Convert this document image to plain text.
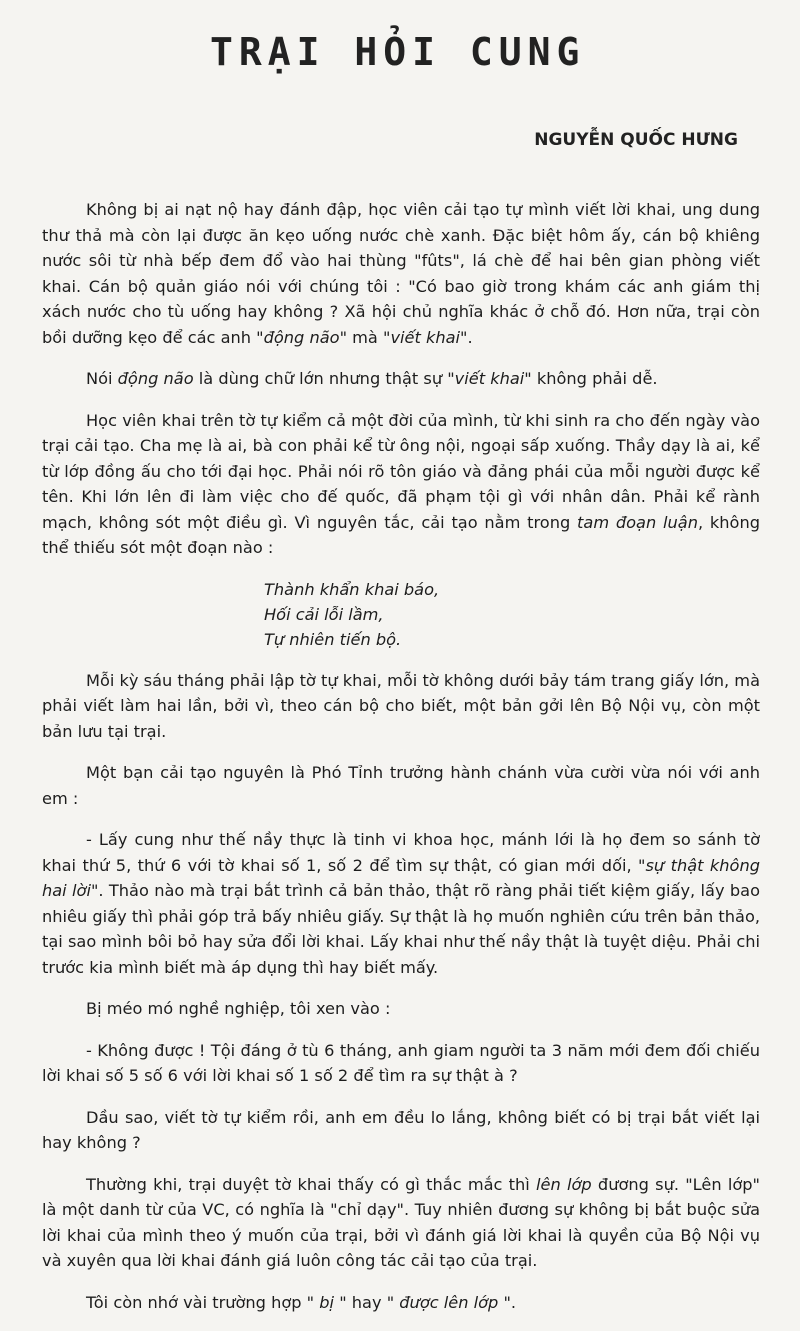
TRẠI HỎI CUNG
NGUYỄN QUỐC HƯNG

Không bị ai nạt nộ hay đánh đập, học viên cải tạo tự mình viết lời khai, ung dung thư thả mà còn lại được ăn kẹo uống nước chè xanh. Đặc biệt hôm ấy, cán bộ khiêng nước sôi từ nhà bếp đem đổ vào hai thùng "fûts", lá chè để hai bên gian phòng viết khai. Cán bộ quản giáo nói với chúng tôi : "Có bao giờ trong khám các anh giám thị xách nước cho tù uống hay không ? Xã hội chủ nghĩa khác ở chỗ đó. Hơn nữa, trại còn bồi dưỡng kẹo để các anh "động não" mà "viết khai".

Nói động não là dùng chữ lớn nhưng thật sự "viết khai" không phải dễ.

Học viên khai trên tờ tự kiểm cả một đời của mình, từ khi sinh ra cho đến ngày vào trại cải tạo. Cha mẹ là ai, bà con phải kể từ ông nội, ngoại sấp xuống. Thầy dạy là ai, kể từ lớp đồng ấu cho tới đại học. Phải nói rõ tôn giáo và đảng phái của mỗi người được kể tên. Khi lớn lên đi làm việc cho đế quốc, đã phạm tội gì với nhân dân. Phải kể rành mạch, không sót một điều gì. Vì nguyên tắc, cải tạo nằm trong tam đoạn luận, không thể thiếu sót một đoạn nào :

Thành khẩn khai báo,
Hối cải lỗi lầm,
Tự nhiên tiến bộ.

Mỗi kỳ sáu tháng phải lập tờ tự khai, mỗi tờ không dưới bảy tám trang giấy lớn, mà phải viết làm hai lần, bởi vì, theo cán bộ cho biết, một bản gởi lên Bộ Nội vụ, còn một bản lưu tại trại.

Một bạn cải tạo nguyên là Phó Tỉnh trưởng hành chánh vừa cười vừa nói với anh em :

- Lấy cung như thế nầy thực là tinh vi khoa học, mánh lới là họ đem so sánh tờ khai thứ 5, thứ 6 với tờ khai số 1, số 2 để tìm sự thật, có gian mới dối, "sự thật không hai lời". Thảo nào mà trại bắt trình cả bản thảo, thật rõ ràng phải tiết kiệm giấy, lấy bao nhiêu giấy thì phải góp trả bấy nhiêu giấy. Sự thật là họ muốn nghiên cứu trên bản thảo, tại sao mình bôi bỏ hay sửa đổi lời khai. Lấy khai như thế nầy thật là tuyệt diệu. Phải chi trước kia mình biết mà áp dụng thì hay biết mấy.

Bị méo mó nghề nghiệp, tôi xen vào :

- Không được ! Tội đáng ở tù 6 tháng, anh giam người ta 3 năm mới đem đối chiếu lời khai số 5 số 6 với lời khai số 1 số 2 để tìm ra sự thật à ?

Dầu sao, viết tờ tự kiểm rồi, anh em đều lo lắng, không biết có bị trại bắt viết lại hay không ?

Thường khi, trại duyệt tờ khai thấy có gì thắc mắc thì lên lớp đương sự. "Lên lớp" là một danh từ của VC, có nghĩa là "chỉ dạy". Tuy nhiên đương sự không bị bắt buộc sửa lời khai của mình theo ý muốn của trại, bởi vì đánh giá lời khai là quyền của Bộ Nội vụ và xuyên qua lời khai đánh giá luôn công tác cải tạo của trại.

Tôi còn nhớ vài trường hợp " bị " hay " được lên lớp ".
